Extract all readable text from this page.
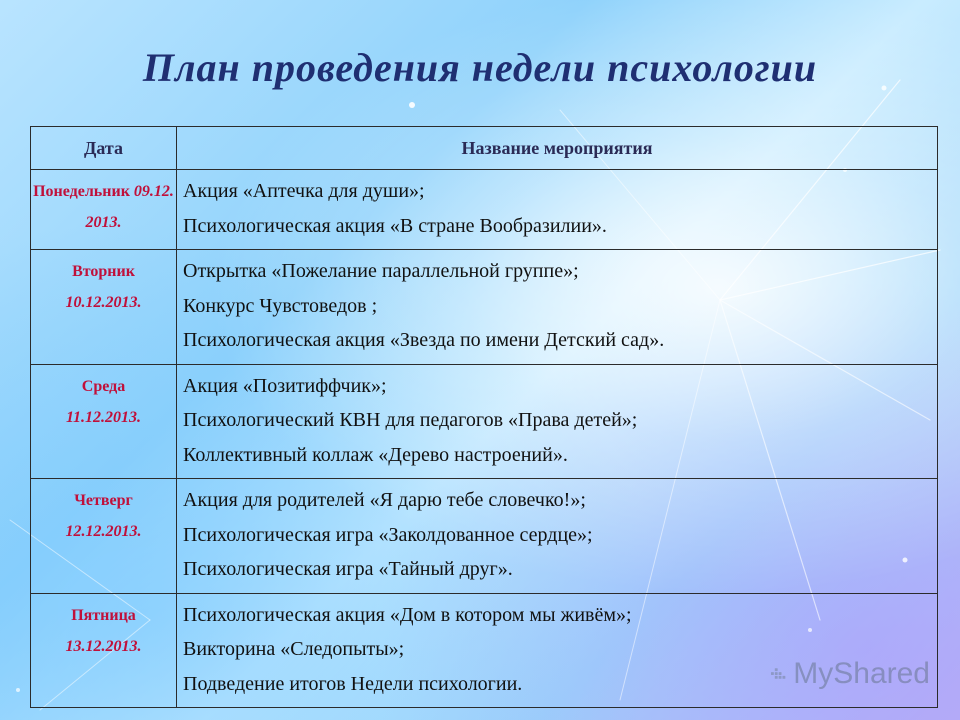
План проведения недели психологии
Дата	Название мероприятия
Понедельник 09.12.2013.	Акция «Аптечка для души»;
Психологическая акция «В стране Вообразилии».

Вторник
10.12.2013.	Открытка «Пожелание параллельной группе»;
Конкурс Чувстоведов ;
Психологическая акция «Звезда по имени Детский сад».

Среда
11.12.2013.	Акция «Позитиффчик»;
Психологический КВН для педагогов «Права детей»;
Коллективный коллаж «Дерево настроений».

Четверг
12.12.2013.	Акция для родителей «Я дарю тебе словечко!»;
Психологическая игра «Заколдованное сердце»;
Психологическая игра «Тайный друг».

Пятница
13.12.2013.	Психологическая акция «Дом в котором мы живём»;
Викторина «Следопыты»;
Подведение итогов Недели психологии.	MyShared
